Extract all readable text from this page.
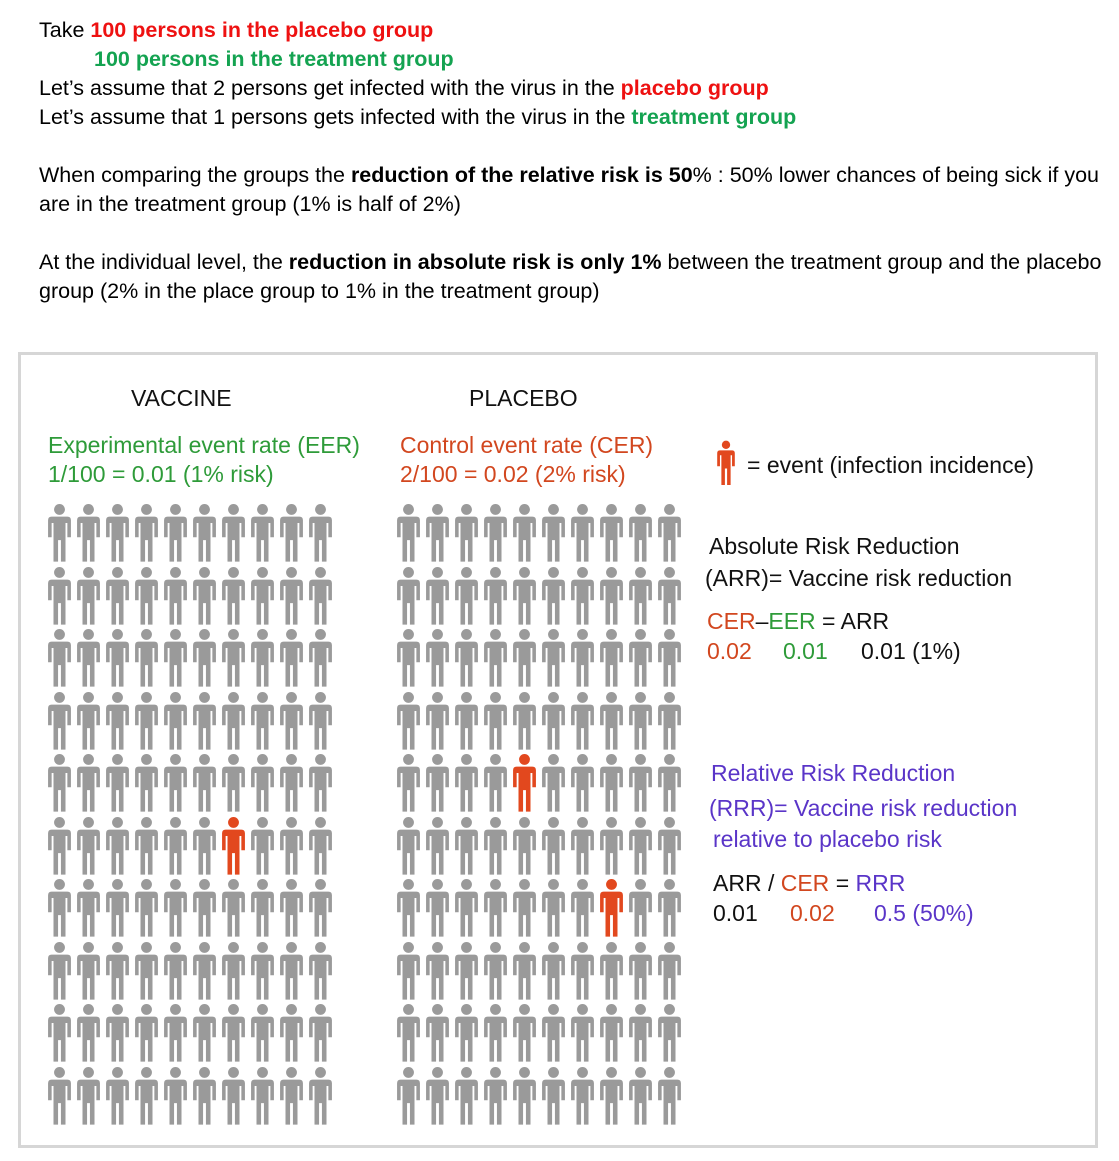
Take 100 persons in the placebo group

100 persons in the treatment group

Let’s assume that 2 persons get infected with the virus in the placebo group

Let’s assume that 1 persons gets infected with the virus in the treatment group

When comparing the groups the reduction of the relative risk is 50% : 50% lower chances of being sick if you are in the treatment group (1% is half of 2%)

At the individual level, the reduction in absolute risk is only 1% between the treatment group and the placebo group (2% in the place group to 1% in the treatment group)

VACCINE	PLACEBO
Experimental event rate (EER)
1/100 = 0.01 (1% risk)
Control event rate (CER)
2/100 = 0.02 (2% risk)	= event (infection incidence)
Absolute Risk Reduction
(ARR)= Vaccine risk reduction
CER–EER = ARR
0.02 0.01 0.01 (1%)
Relative Risk Reduction
(RRR)= Vaccine risk reduction
relative to placebo risk
ARR / CER = RRR
0.01 0.02 0.5 (50%)
